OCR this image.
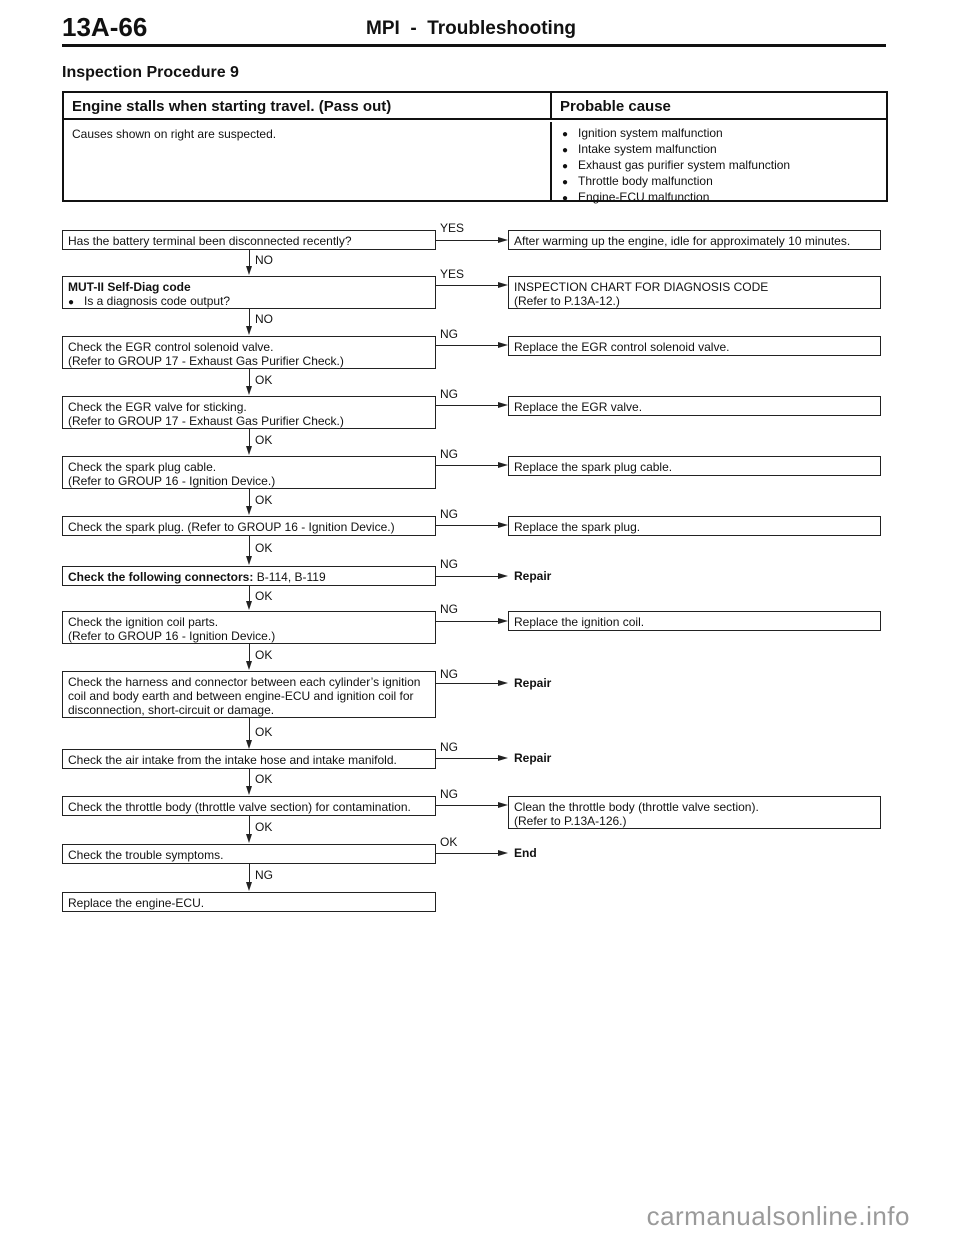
13A-66	MPI  -  Troubleshooting
Inspection Procedure 9
Engine stalls when starting travel. (Pass out)	Probable cause
Causes shown on right are suspected.	● Ignition system malfunction
● Intake system malfunction
● Exhaust gas purifier system malfunction
● Throttle body malfunction
● Engine-ECU malfunction
Has the battery terminal been disconnected recently?
YES
After warming up the engine, idle for approximately 10 minutes.
NO
MUT-II Self-Diag code
● Is a diagnosis code output?
YES
INSPECTION CHART FOR DIAGNOSIS CODE
(Refer to P.13A-12.)
NO
Check the EGR control solenoid valve.
(Refer to GROUP 17 - Exhaust Gas Purifier Check.)
NG
Replace the EGR control solenoid valve.
OK
Check the EGR valve for sticking.
(Refer to GROUP 17 - Exhaust Gas Purifier Check.)
NG
Replace the EGR valve.
OK
Check the spark plug cable.
(Refer to GROUP 16 - Ignition Device.)
NG
Replace the spark plug cable.
OK
Check the spark plug. (Refer to GROUP 16 - Ignition Device.)
NG
Replace the spark plug.
OK
Check the following connectors: B-114, B-119
NG
Repair
OK
Check the ignition coil parts.
(Refer to GROUP 16 - Ignition Device.)
NG
Replace the ignition coil.
OK
Check the harness and connector between each cylinder’s ignition
coil and body earth and between engine-ECU and ignition coil for
disconnection, short-circuit or damage.
NG
Repair
OK
Check the air intake from the intake hose and intake manifold.
NG
Repair
OK
Check the throttle body (throttle valve section) for contamination.
NG
Clean the throttle body (throttle valve section).
(Refer to P.13A-126.)
OK
Check the trouble symptoms.
OK
End
NG
Replace the engine-ECU.
carmanualsonline.info
